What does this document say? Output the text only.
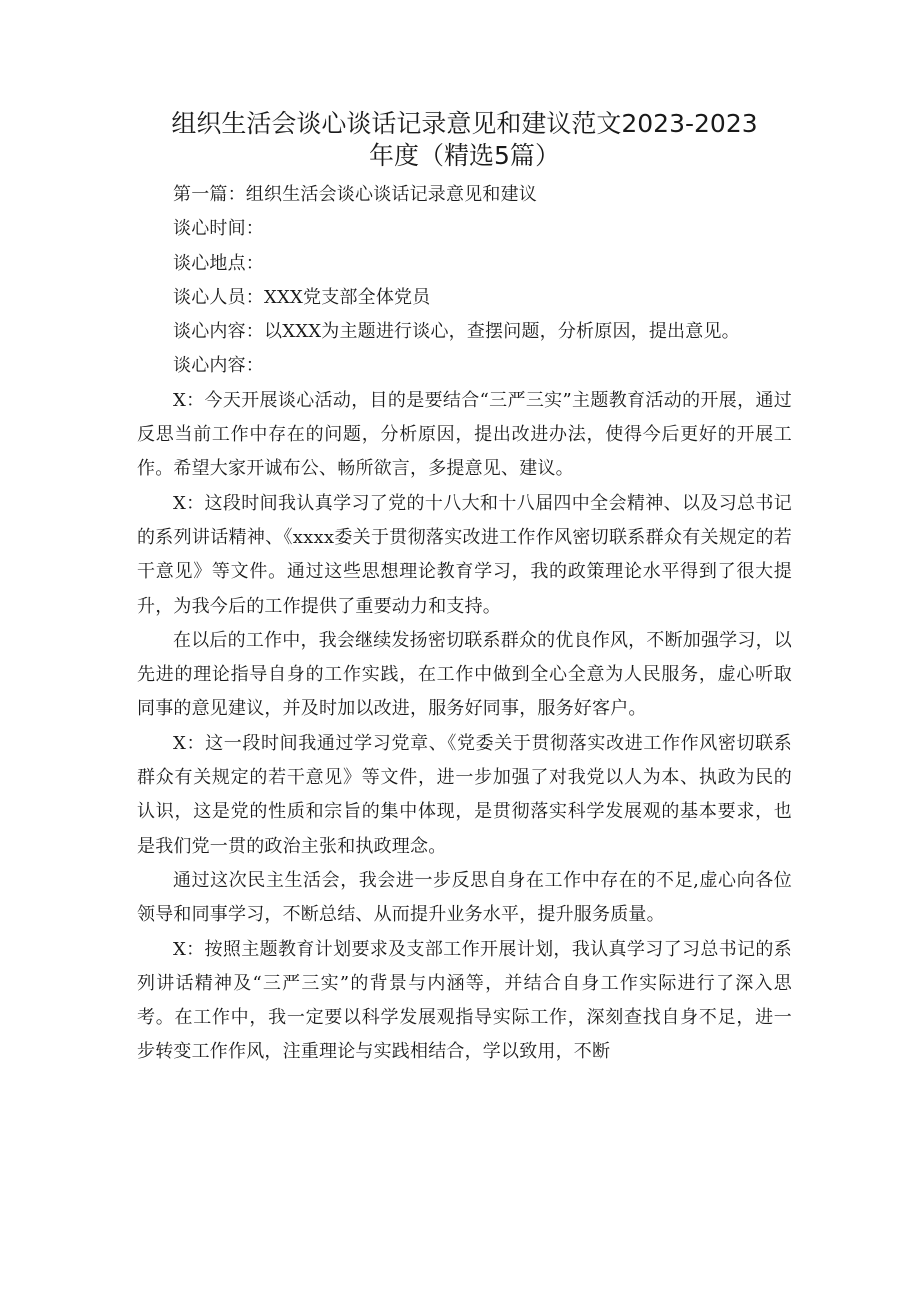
组织生活会谈心谈话记录意见和建议范文2023-2023
年度（精选5篇）

第一篇：组织生活会谈心谈话记录意见和建议

谈心时间：

谈心地点：

谈心人员：XXX党支部全体党员

谈心内容：以XXX为主题进行谈心，查摆问题，分析原因，提出意见。

谈心内容：

X：今天开展谈心活动，目的是要结合“三严三实”主题教育活动的开展，通过反思当前工作中存在的问题，分析原因，提出改进办法，使得今后更好的开展工作。希望大家开诚布公、畅所欲言，多提意见、建议。

X：这段时间我认真学习了党的十八大和十八届四中全会精神、以及习总书记的系列讲话精神、《xxxx委关于贯彻落实改进工作作风密切联系群众有关规定的若干意见》等文件。通过这些思想理论教育学习，我的政策理论水平得到了很大提升，为我今后的工作提供了重要动力和支持。

在以后的工作中，我会继续发扬密切联系群众的优良作风，不断加强学习，以先进的理论指导自身的工作实践，在工作中做到全心全意为人民服务，虚心听取同事的意见建议，并及时加以改进，服务好同事，服务好客户。

X：这一段时间我通过学习党章、《党委关于贯彻落实改进工作作风密切联系群众有关规定的若干意见》等文件，进一步加强了对我党以人为本、执政为民的认识，这是党的性质和宗旨的集中体现，是贯彻落实科学发展观的基本要求，也是我们党一贯的政治主张和执政理念。

通过这次民主生活会，我会进一步反思自身在工作中存在的不足,虚心向各位领导和同事学习，不断总结、从而提升业务水平，提升服务质量。

X：按照主题教育计划要求及支部工作开展计划，我认真学习了习总书记的系列讲话精神及“三严三实”的背景与内涵等，并结合自身工作实际进行了深入思考。在工作中，我一定要以科学发展观指导实际工作，深刻查找自身不足，进一步转变工作作风，注重理论与实践相结合，学以致用，不断
